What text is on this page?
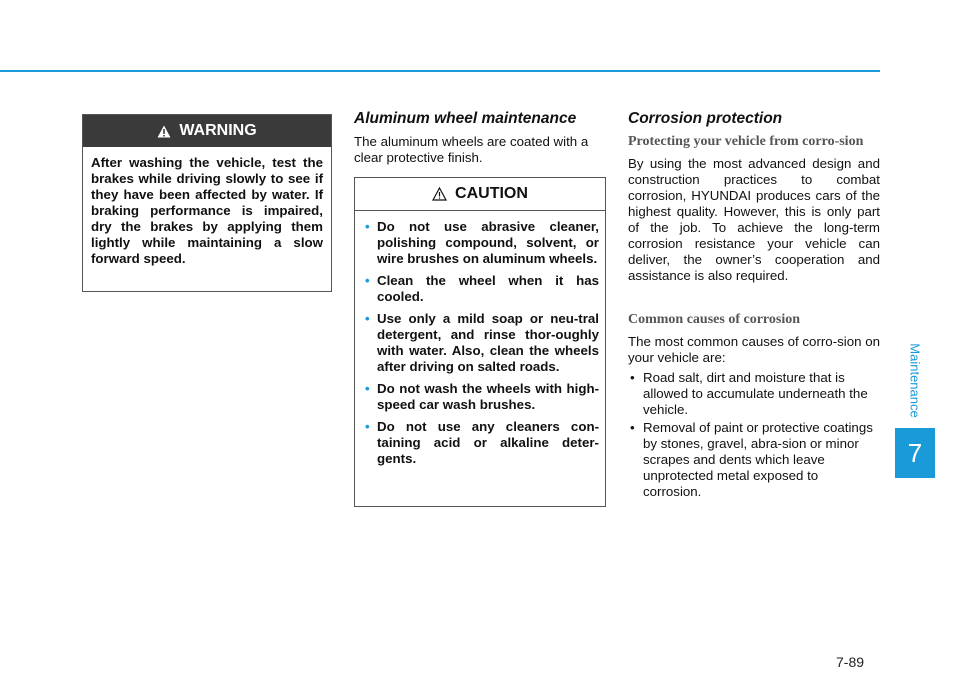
WARNING
After washing the vehicle, test the brakes while driving slowly to see if they have been affected by water. If braking performance is impaired, dry the brakes by applying them lightly while maintaining a slow forward speed.
Aluminum wheel maintenance

The aluminum wheels are coated with a clear protective finish.

CAUTION
• Do not use abrasive cleaner, polishing compound, solvent, or wire brushes on aluminum wheels.
• Clean the wheel when it has cooled.
• Use only a mild soap or neu-tral detergent, and rinse thor-oughly with water. Also, clean the wheels after driving on salted roads.
• Do not wash the wheels with high-speed car wash brushes.
• Do not use any cleaners con-taining acid or alkaline deter-gents.
Corrosion protection
Protecting your vehicle from corro-sion

By using the most advanced design and construction practices to combat corrosion, HYUNDAI produces cars of the highest quality. However, this is only part of the job. To achieve the long-term corrosion resistance your vehicle can deliver, the owner’s cooperation and assistance is also required.

Common causes of corrosion

The most common causes of corro-sion on your vehicle are:

• Road salt, dirt and moisture that is allowed to accumulate underneath the vehicle.
• Removal of paint or protective coatings by stones, gravel, abra-sion or minor scrapes and dents which leave unprotected metal exposed to corrosion.
Maintenance
7
7-89
